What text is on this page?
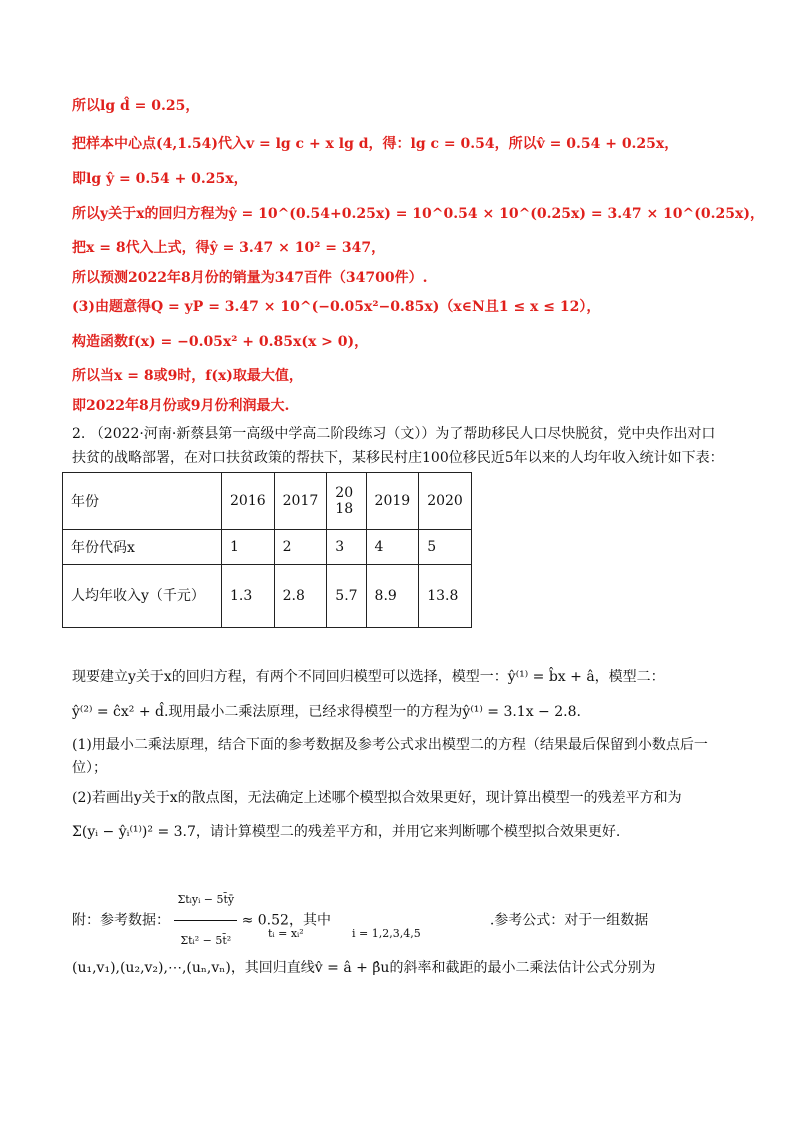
所以lg d̂ = 0.25，
把样本中心点(4,1.54)代入v = lg c + x lg d，得：lg c = 0.54，所以v̂ = 0.54 + 0.25x，
即lg ŷ = 0.54 + 0.25x，
所以y关于x的回归方程为ŷ = 10^(0.54+0.25x) = 10^0.54 × 10^(0.25x) = 3.47 × 10^(0.25x)，
把x = 8代入上式，得ŷ = 3.47 × 10² = 347，
所以预测2022年8月份的销量为347百件（34700件）.
(3)由题意得Q = yP = 3.47 × 10^(−0.05x²−0.85x)（x∈N且1 ≤ x ≤ 12），
构造函数f(x) = −0.05x² + 0.85x(x > 0)，
所以当x = 8或9时，f(x)取最大值，
即2022年8月份或9月份利润最大.
2. （2022·河南·新蔡县第一高级中学高二阶段练习（文））为了帮助移民人口尽快脱贫，党中央作出对口
扶贫的战略部署，在对口扶贫政策的帮扶下，某移民村庄100位移民近5年以来的人均年收入统计如下表：
年份	2016	2017	2018	2019	2020
年份代码x	1	2	3	4	5
人均年收入y（千元）	1.3	2.8	5.7	8.9	13.8
现要建立y关于x的回归方程，有两个不同回归模型可以选择，模型一：ŷ⁽¹⁾ = b̂x + â，模型二：
ŷ⁽²⁾ = ĉx² + d̂.现用最小二乘法原理，已经求得模型一的方程为ŷ⁽¹⁾ = 3.1x − 2.8.
(1)用最小二乘法原理，结合下面的参考数据及参考公式求出模型二的方程（结果最后保留到小数点后一
位）；
(2)若画出y关于x的散点图，无法确定上述哪个模型拟合效果更好，现计算出模型一的残差平方和为
Σ(yᵢ − ŷᵢ⁽¹⁾)² = 3.7，请计算模型二的残差平方和，并用它来判断哪个模型拟合效果更好.
附：参考数据： $\frac{\text{Σtᵢyᵢ − 5t̄ȳ}}{\text{Σtᵢ² − 5t̄²}} \approx 0.52$，其中	.参考公式：对于一组数据
tᵢ = xᵢ²	i = 1,2,3,4,5
(u₁,v₁),(u₂,v₂),⋯,(uₙ,vₙ)，其回归直线v̂ = â + β̂u的斜率和截距的最小二乘法估计公式分别为
